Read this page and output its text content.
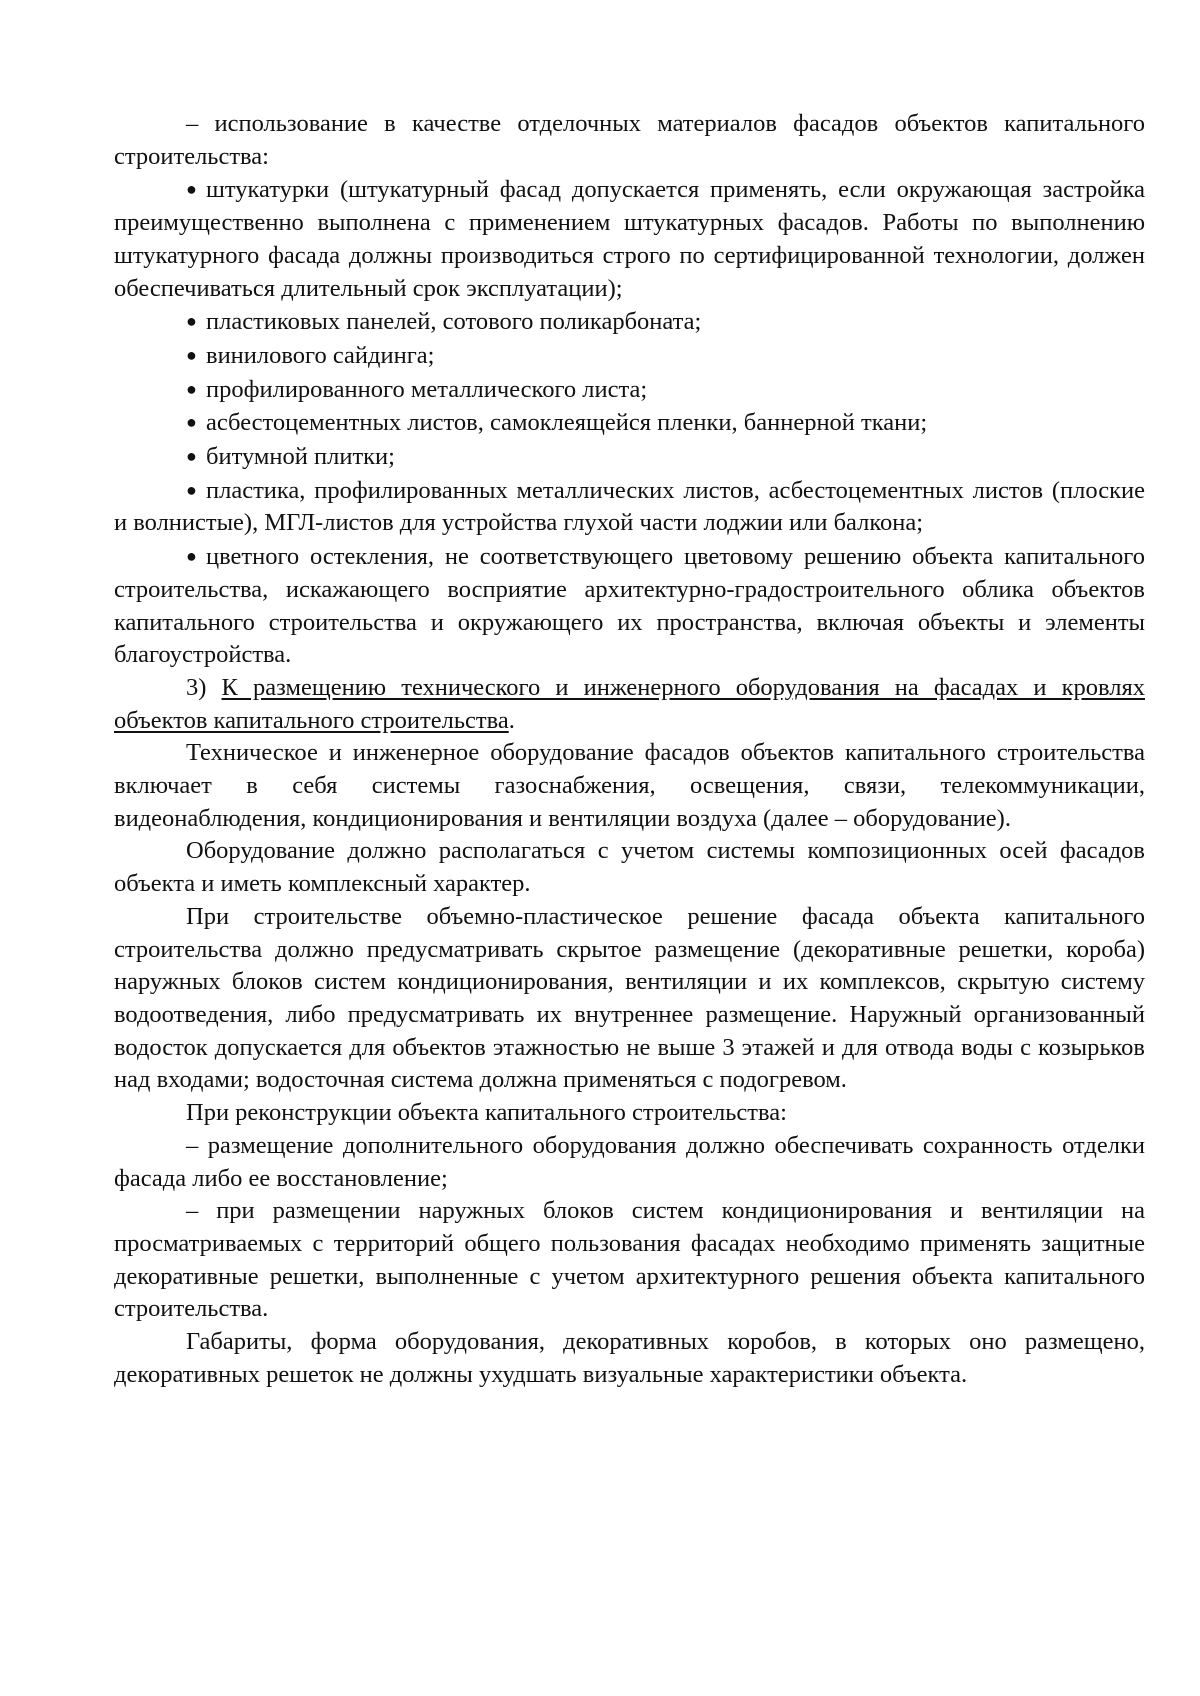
– использование в качестве отделочных материалов фасадов объектов капитального строительства:

● штукатурки (штукатурный фасад допускается применять, если окружающая застройка преимущественно выполнена с применением штукатурных фасадов. Работы по выполнению штукатурного фасада должны производиться строго по сертифицированной технологии, должен обеспечиваться длительный срок эксплуатации);

● пластиковых панелей, сотового поликарбоната;

● винилового сайдинга;

● профилированного металлического листа;

● асбестоцементных листов, самоклеящейся пленки, баннерной ткани;

● битумной плитки;

● пластика, профилированных металлических листов, асбестоцементных листов (плоские и волнистые), МГЛ-листов для устройства глухой части лоджии или балкона;

● цветного остекления, не соответствующего цветовому решению объекта капитального строительства, искажающего восприятие архитектурно-градостроительного облика объектов капитального строительства и окружающего их пространства, включая объекты и элементы благоустройства.

3) К размещению технического и инженерного оборудования на фасадах и кровлях объектов капитального строительства.

Техническое и инженерное оборудование фасадов объектов капитального строительства включает в себя системы газоснабжения, освещения, связи, телекоммуникации, видеонаблюдения, кондиционирования и вентиляции воздуха (далее – оборудование).

Оборудование должно располагаться с учетом системы композиционных осей фасадов объекта и иметь комплексный характер.

При строительстве объемно-пластическое решение фасада объекта капитального строительства должно предусматривать скрытое размещение (декоративные решетки, короба) наружных блоков систем кондиционирования, вентиляции и их комплексов, скрытую систему водоотведения, либо предусматривать их внутреннее размещение. Наружный организованный водосток допускается для объектов этажностью не выше 3 этажей и для отвода воды с козырьков над входами; водосточная система должна применяться с подогревом.

При реконструкции объекта капитального строительства:

– размещение дополнительного оборудования должно обеспечивать сохранность отделки фасада либо ее восстановление;

– при размещении наружных блоков систем кондиционирования и вентиляции на просматриваемых с территорий общего пользования фасадах необходимо применять защитные декоративные решетки, выполненные с учетом архитектурного решения объекта капитального строительства.

Габариты, форма оборудования, декоративных коробов, в которых оно размещено, декоративных решеток не должны ухудшать визуальные характеристики объекта.
